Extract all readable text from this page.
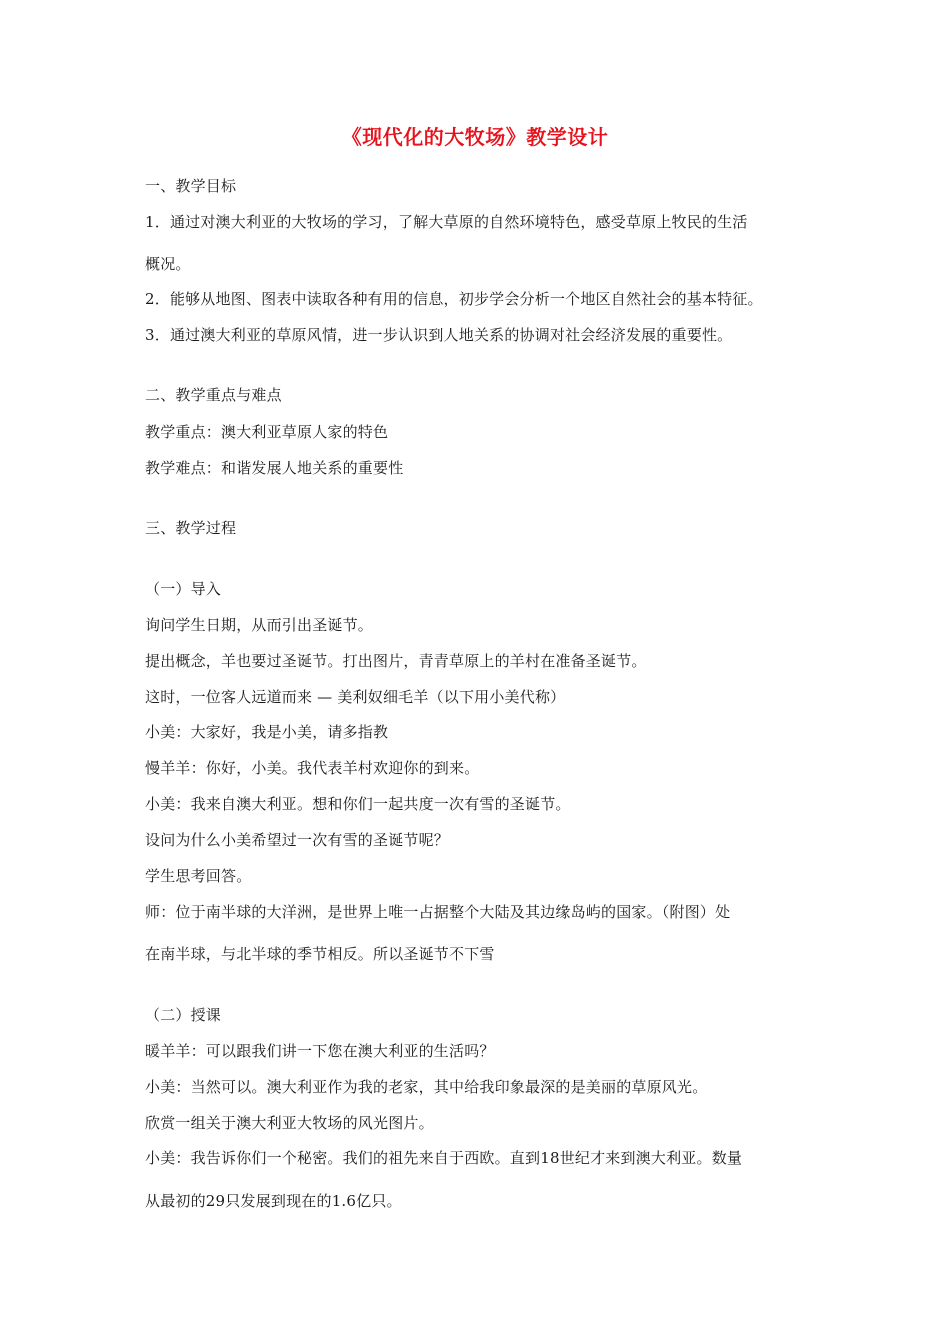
《现代化的大牧场》教学设计
一、教学目标
1．通过对澳大利亚的大牧场的学习，了解大草原的自然环境特色，感受草原上牧民的生活
概况。
2．能够从地图、图表中读取各种有用的信息，初步学会分析一个地区自然社会的基本特征。
3．通过澳大利亚的草原风情，进一步认识到人地关系的协调对社会经济发展的重要性。
二、教学重点与难点
教学重点：澳大利亚草原人家的特色
教学难点：和谐发展人地关系的重要性
三、教学过程
（一）导入
询问学生日期，从而引出圣诞节。
提出概念，羊也要过圣诞节。打出图片，青青草原上的羊村在准备圣诞节。
这时，一位客人远道而来 — 美利奴细毛羊（以下用小美代称）
小美：大家好，我是小美，请多指教
慢羊羊：你好，小美。我代表羊村欢迎你的到来。
小美：我来自澳大利亚。想和你们一起共度一次有雪的圣诞节。
设问为什么小美希望过一次有雪的圣诞节呢？
学生思考回答。
师：位于南半球的大洋洲，是世界上唯一占据整个大陆及其边缘岛屿的国家。（附图）处
在南半球，与北半球的季节相反。所以圣诞节不下雪
（二）授课
暖羊羊：可以跟我们讲一下您在澳大利亚的生活吗？
小美：当然可以。澳大利亚作为我的老家，其中给我印象最深的是美丽的草原风光。
欣赏一组关于澳大利亚大牧场的风光图片。
小美：我告诉你们一个秘密。我们的祖先来自于西欧。直到18世纪才来到澳大利亚。数量
从最初的29只发展到现在的1.6亿只。
